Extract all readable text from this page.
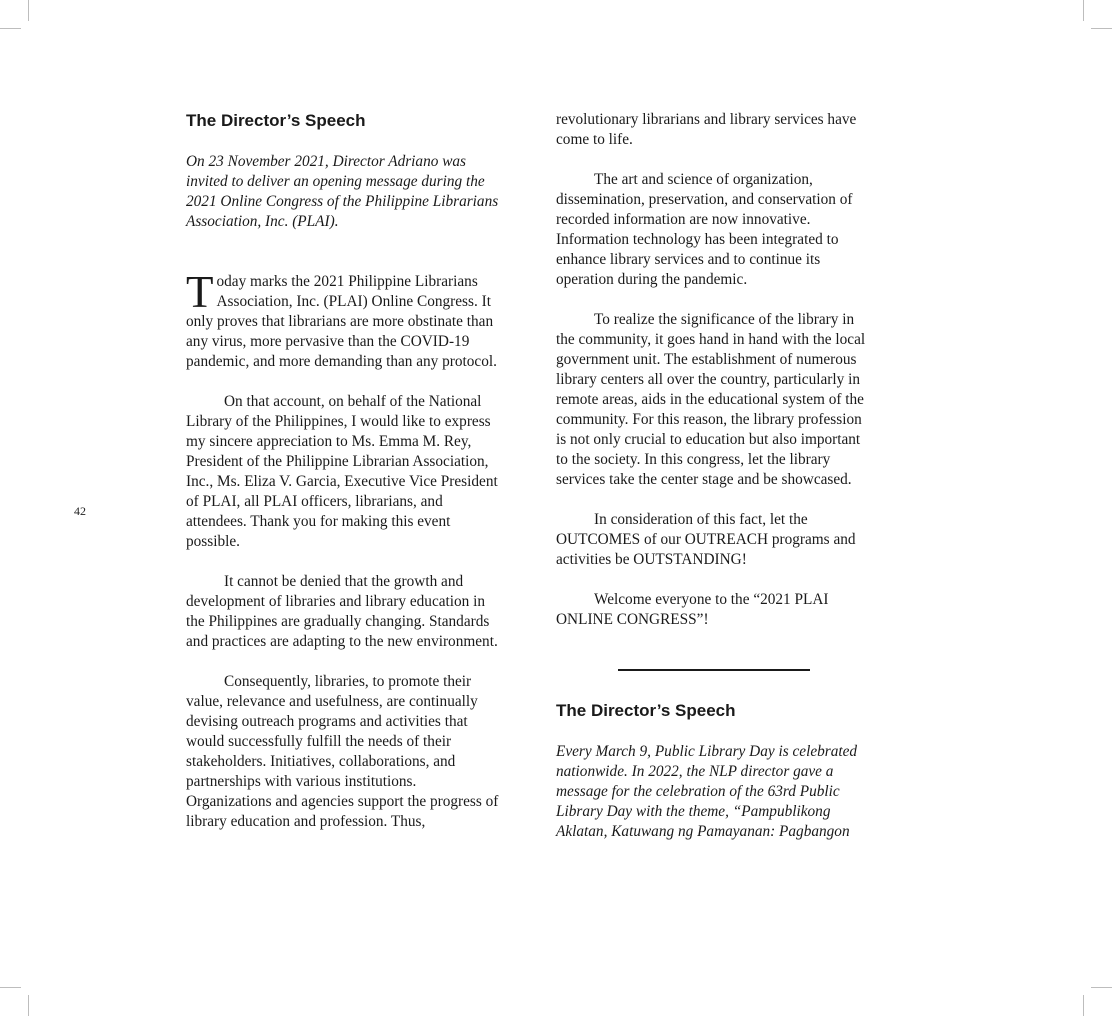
42
The Director’s Speech

On 23 November 2021, Director Adriano was invited to deliver an opening message during the 2021 Online Congress of the Philippine Librarians Association, Inc. (PLAI).

Today marks the 2021 Philippine Librarians Association, Inc. (PLAI) Online Congress. It only proves that librarians are more obstinate than any virus, more pervasive than the COVID-19 pandemic, and more demanding than any protocol.

On that account, on behalf of the National Library of the Philippines, I would like to express my sincere appreciation to Ms. Emma M. Rey, President of the Philippine Librarian Association, Inc., Ms. Eliza V. Garcia, Executive Vice President of PLAI, all PLAI officers, librarians, and attendees. Thank you for making this event possible.

It cannot be denied that the growth and development of libraries and library education in the Philippines are gradually changing. Standards and practices are adapting to the new environment.

Consequently, libraries, to promote their value, relevance and usefulness, are continually devising outreach programs and activities that would successfully fulfill the needs of their stakeholders. Initiatives, collaborations, and partnerships with various institutions. Organizations and agencies support the progress of library education and profession. Thus,

revolutionary librarians and library services have come to life.

The art and science of organization, dissemination, preservation, and conservation of recorded information are now innovative. Information technology has been integrated to enhance library services and to continue its operation during the pandemic.

To realize the significance of the library in the community, it goes hand in hand with the local government unit. The establishment of numerous library centers all over the country, particularly in remote areas, aids in the educational system of the community. For this reason, the library profession is not only crucial to education but also important to the society. In this congress, let the library services take the center stage and be showcased.

In consideration of this fact, let the OUTCOMES of our OUTREACH programs and activities be OUTSTANDING!

Welcome everyone to the “2021 PLAI ONLINE CONGRESS”!

The Director’s Speech

Every March 9, Public Library Day is celebrated nationwide. In 2022, the NLP director gave a message for the celebration of the 63rd Public Library Day with the theme, “Pampublikong Aklatan, Katuwang ng Pamayanan: Pagbangon
